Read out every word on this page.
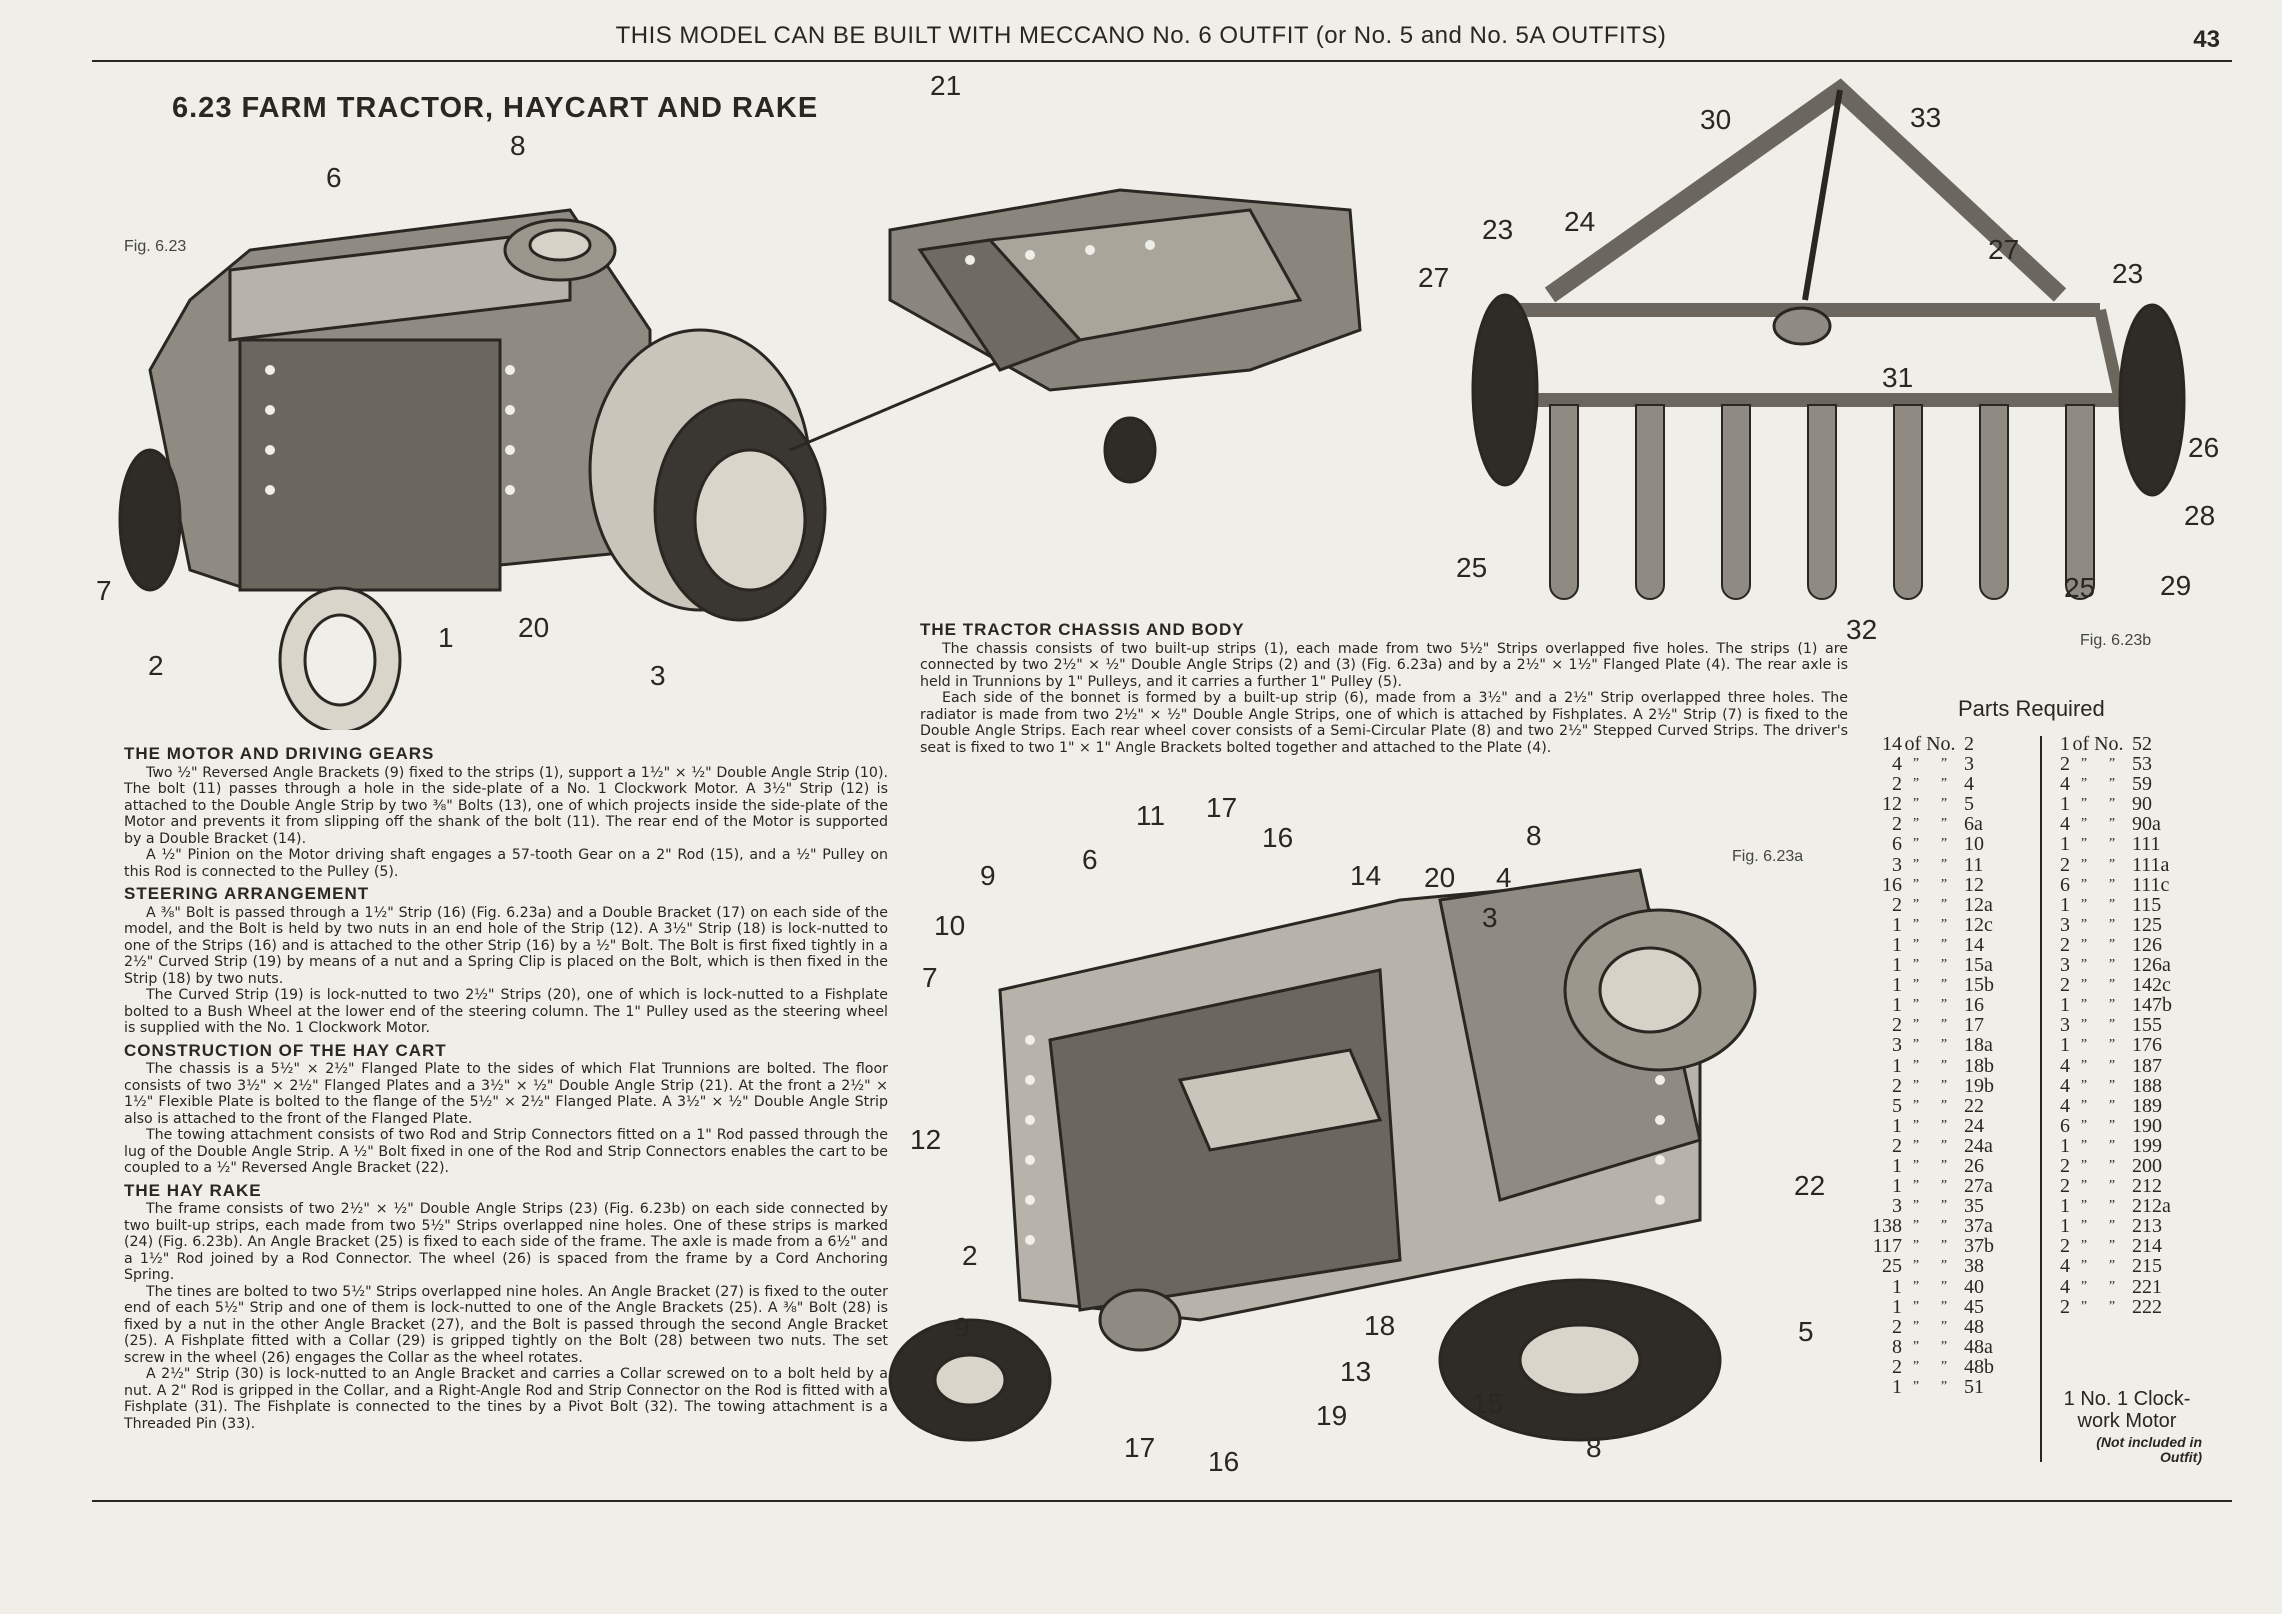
THIS MODEL CAN BE BUILT WITH MECCANO No. 6 OUTFIT (or No. 5 and No. 5A OUTFITS)	43
6.23 FARM TRACTOR, HAYCART AND RAKE
Fig. 6.23
8
6
7
2
1 20
3
21
Fig. 6.23b
30	33
23 24
27
27
23
31
26
28
25
25 29
32
Fig. 6.23a
11 17
16
9
6
14 20 4
8
3
10
7
12
22
2
9	18	5
13
19	15
17 16	8
THE TRACTOR CHASSIS AND BODY

The chassis consists of two built-up strips (1), each made from two 5½" Strips overlapped five holes. The strips (1) are connected by two 2½" × ½" Double Angle Strips (2) and (3) (Fig. 6.23a) and by a 2½" × 1½" Flanged Plate (4). The rear axle is held in Trunnions by 1" Pulleys, and it carries a further 1" Pulley (5).

Each side of the bonnet is formed by a built-up strip (6), made from a 3½" and a 2½" Strip overlapped three holes. The radiator is made from two 2½" × ½" Double Angle Strips, one of which is attached by Fishplates. A 2½" Strip (7) is fixed to the Double Angle Strips. Each rear wheel cover consists of a Semi-Circular Plate (8) and two 2½" Stepped Curved Strips. The driver's seat is fixed to two 1" × 1" Angle Brackets bolted together and attached to the Plate (4).

THE MOTOR AND DRIVING GEARS

Two ½" Reversed Angle Brackets (9) fixed to the strips (1), support a 1½" × ½" Double Angle Strip (10). The bolt (11) passes through a hole in the side-plate of a No. 1 Clockwork Motor. A 3½" Strip (12) is attached to the Double Angle Strip by two ⅜" Bolts (13), one of which projects inside the side-plate of the Motor and prevents it from slipping off the shank of the bolt (11). The rear end of the Motor is supported by a Double Bracket (14).

A ½" Pinion on the Motor driving shaft engages a 57-tooth Gear on a 2" Rod (15), and a ½" Pulley on this Rod is connected to the Pulley (5).

STEERING ARRANGEMENT

A ⅜" Bolt is passed through a 1½" Strip (16) (Fig. 6.23a) and a Double Bracket (17) on each side of the model, and the Bolt is held by two nuts in an end hole of the Strip (12). A 3½" Strip (18) is lock-nutted to one of the Strips (16) and is attached to the other Strip (16) by a ½" Bolt. The Bolt is first fixed tightly in a 2½" Curved Strip (19) by means of a nut and a Spring Clip is placed on the Bolt, which is then fixed in the Strip (18) by two nuts.

The Curved Strip (19) is lock-nutted to two 2½" Strips (20), one of which is lock-nutted to a Fishplate bolted to a Bush Wheel at the lower end of the steering column. The 1" Pulley used as the steering wheel is supplied with the No. 1 Clockwork Motor.

CONSTRUCTION OF THE HAY CART

The chassis is a 5½" × 2½" Flanged Plate to the sides of which Flat Trunnions are bolted. The floor consists of two 3½" × 2½" Flanged Plates and a 3½" × ½" Double Angle Strip (21). At the front a 2½" × 1½" Flexible Plate is bolted to the flange of the 5½" × 2½" Flanged Plate. A 3½" × ½" Double Angle Strip also is attached to the front of the Flanged Plate.

The towing attachment consists of two Rod and Strip Connectors fitted on a 1" Rod passed through the lug of the Double Angle Strip. A ½" Bolt fixed in one of the Rod and Strip Connectors enables the cart to be coupled to a ½" Reversed Angle Bracket (22).

THE HAY RAKE

The frame consists of two 2½" × ½" Double Angle Strips (23) (Fig. 6.23b) on each side connected by two built-up strips, each made from two 5½" Strips overlapped nine holes. One of these strips is marked (24) (Fig. 6.23b). An Angle Bracket (25) is fixed to each side of the frame. The axle is made from a 6½" and a 1½" Rod joined by a Rod Connector. The wheel (26) is spaced from the frame by a Cord Anchoring Spring.

The tines are bolted to two 5½" Strips overlapped nine holes. An Angle Bracket (27) is fixed to the outer end of each 5½" Strip and one of them is lock-nutted to one of the Angle Brackets (25). A ⅜" Bolt (28) is fixed by a nut in the other Angle Bracket (27), and the Bolt is passed through the second Angle Bracket (25). A Fishplate fitted with a Collar (29) is gripped tightly on the Bolt (28) between two nuts. The set screw in the wheel (26) engages the Collar as the wheel rotates.

A 2½" Strip (30) is lock-nutted to an Angle Bracket and carries a Collar screwed on to a bolt held by a nut. A 2" Rod is gripped in the Collar, and a Right-Angle Rod and Strip Connector on the Rod is fitted with a Fishplate (31). The Fishplate is connected to the tines by a Pivot Bolt (32). The towing attachment is a Threaded Pin (33).

Parts Required
14 of No. 2
4 ”	” 3
2 ”	” 4
12 ”	” 5
2 ”	” 6a
6 ”	” 10
3 ”	” 11
16 ”	” 12
2 ”	” 12a
1 ”	” 12c
1 ”	” 14
1 ”	” 15a
1 ”	” 15b
1 ”	” 16
2 ”	” 17
3 ”	” 18a
1 ”	” 18b
2 ”	” 19b
5 ”	” 22
1 ”	” 24
2 ”	” 24a
1 ”	” 26
1 ”	” 27a
3 ”	” 35
138 ”	” 37a
117 ”	” 37b
25 ”	” 38
1 ”	” 40
1 ”	” 45
2 ”	” 48
8 ”	” 48a
2 ”	” 48b
1 ”	” 51
1 of No. 52
2 ”	” 53
4 ”	” 59
1 ”	” 90
4 ”	” 90a
1 ”	” 111
2 ”	” 111a
6 ”	” 111c
1 ”	” 115
3 ”	” 125
2 ”	” 126
3 ”	” 126a
2 ”	” 142c
1 ”	” 147b
3 ”	” 155
1 ”	” 176
4 ”	” 187
4 ”	” 188
4 ”	” 189
6 ”	” 190
1 ”	” 199
2 ”	” 200
2 ”	” 212
1 ”	” 212a
1 ”	” 213
2 ”	” 214
4 ”	” 215
4 ”	” 221
2 ”	” 222
1 No. 1 Clock-work Motor
(Not included in Outfit)
